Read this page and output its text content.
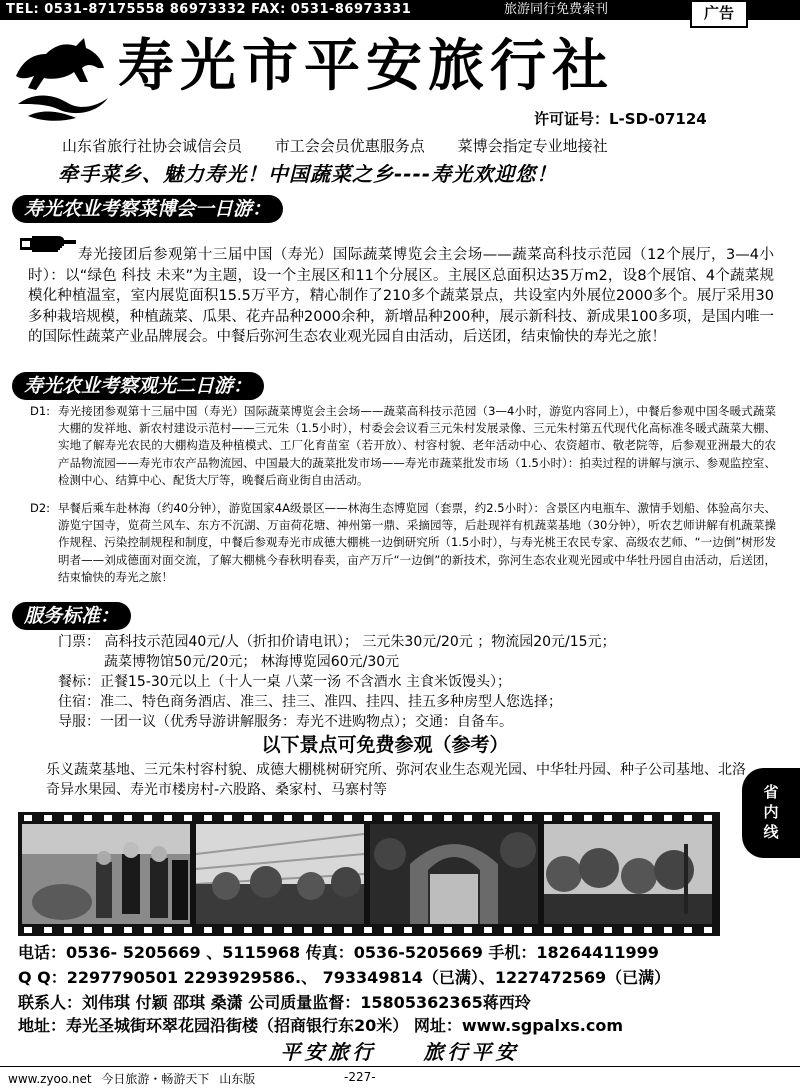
TEL: 0531-87175558 86973332 FAX: 0531-86973331	旅游同行免费索刊	广告
寿光市平安旅行社
许可证号：L-SD-07124
山东省旅行社协会诚信会员 市工会会员优惠服务点 菜博会指定专业地接社
牵手菜乡、魅力寿光！中国蔬菜之乡----寿光欢迎您！
寿光农业考察菜博会一日游：
寿光接团后参观第十三届中国（寿光）国际蔬菜博览会主会场——蔬菜高科技示范园（12个展厅，3—4小时）：以“绿色 科技 未来”为主题，设一个主展区和11个分展区。主展区总面积达35万m2，设8个展馆、4个蔬菜规模化种植温室，室内展览面积15.5万平方，精心制作了210多个蔬菜景点，共设室内外展位2000多个。展厅采用30多种栽培规模，种植蔬菜、瓜果、花卉品种2000余种，新增品种200种，展示新科技、新成果100多项，是国内唯一的国际性蔬菜产业品牌展会。中餐后弥河生态农业观光园自由活动，后送团，结束愉快的寿光之旅！
寿光农业考察观光二日游：
D1: 寿光接团参观第十三届中国（寿光）国际蔬菜博览会主会场——蔬菜高科技示范园（3—4小时，游览内容同上），中餐后参观中国冬暖式蔬菜大棚的发祥地、新农村建设示范村——三元朱（1.5小时），村委会会议看三元朱村发展录像、三元朱村第五代现代化高标准冬暖式蔬菜大棚、实地了解寿光农民的大棚构造及种植模式、工厂化育苗室（若开放）、村容村貌、老年活动中心、农资超市、敬老院等，后参观亚洲最大的农产品物流园——寿光市农产品物流园、中国最大的蔬菜批发市场——寿光市蔬菜批发市场（1.5小时）：拍卖过程的讲解与演示、参观监控室、检测中心、结算中心、配货大厅等，晚餐后商业街自由活动。
D2: 早餐后乘车赴林海（约40分钟），游览国家4A级景区——林海生态博览园（套票，约2.5小时）：含景区内电瓶车、激情手划船、体验高尔夫、游览宁国寺，览荷兰风车、东方不沉湖、万亩荷花塘、神州第一鼎、采摘园等，后赴现祥有机蔬菜基地（30分钟），听农艺师讲解有机蔬菜操作规程、污染控制规程和制度，中餐后参观寿光市成德大棚桃一边倒研究所（1.5小时），与寿光桃王农民专家、高级农艺师、“一边倒”树形发明者——刘成德面对面交流，了解大棚桃今春秋明春卖，亩产万斤“一边倒”的新技术，弥河生态农业观光园或中华牡丹园自由活动，后送团，结束愉快的寿光之旅！
服务标准：
门票： 高科技示范园40元/人（折扣价请电讯）； 三元朱30元/20元 ；物流园20元/15元；
蔬菜博物馆50元/20元； 林海博览园60元/30元
餐标：正餐15-30元以上（十人一桌 八菜一汤 不含酒水 主食米饭馒头）；
住宿：准二、特色商务酒店、准三、挂三、准四、挂四、挂五多种房型人您选择；
导服：一团一议（优秀导游讲解服务：寿光不进购物点）；交通：自备车。
以下景点可免费参观（参考）
乐义蔬菜基地、三元朱村容村貌、成德大棚桃树研究所、弥河农业生态观光园、中华牡丹园、种子公司基地、北洛奇异水果园、寿光市楼房村-六股路、桑家村、马寨村等	省
内
线
电话：0536- 5205669 、5115968 传真：0536-5205669 手机：18264411999
Q Q：2297790501 2293929586.、 793349814（已满）、1227472569（已满）
联系人：刘伟琪 付颖 邵琪 桑潇 公司质量监督：15805362365蒋西玲
地址：寿光圣城街环翠花园沿街楼（招商银行东20米） 网址：www.sgpalxs.com
平安旅行 旅行平安
www.zyoo.net 今日旅游・畅游天下 山东版	-227-
